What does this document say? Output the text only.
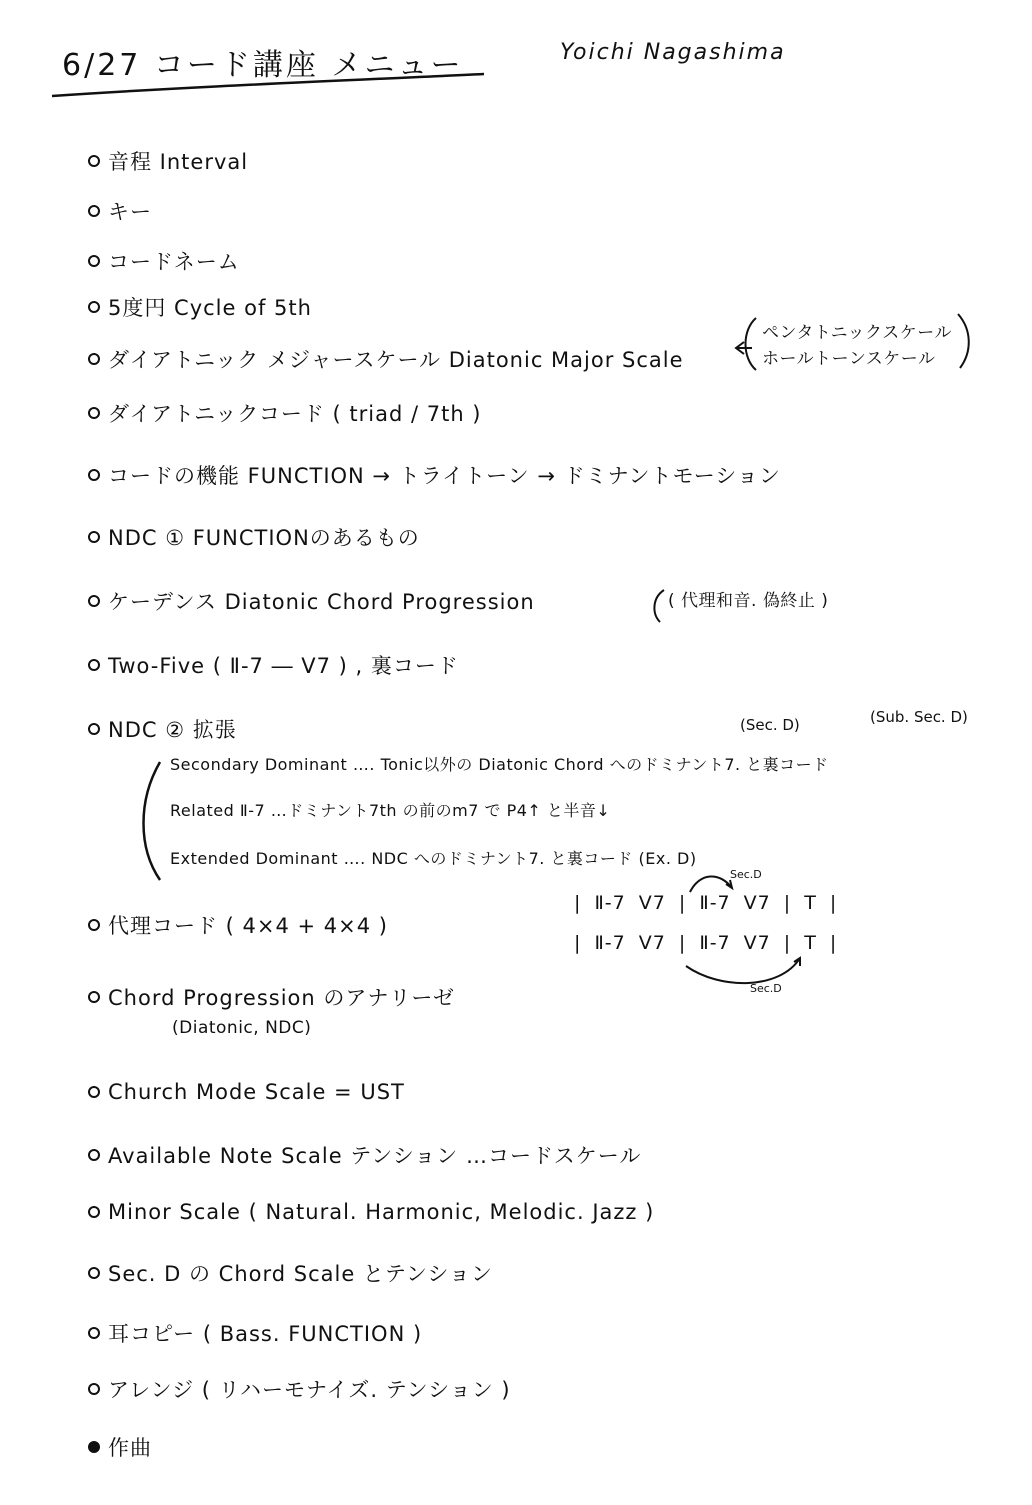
6/27 コード講座 メニュー	Yoichi Nagashima
音程 Interval
キー
コードネーム
5度円 Cycle of 5th
ダイアトニック メジャースケール Diatonic Major Scale
ペンタトニックスケール
ホールトーンスケール
ダイアトニックコード ( triad / 7th )
コードの機能 FUNCTION → トライトーン → ドミナントモーション
NDC ① FUNCTIONのあるもの
ケーデンス Diatonic Chord Progression	( 代理和音. 偽終止 )
Two-Five ( Ⅱ-7 ― Ⅴ7 ) , 裏コード
NDC ② 拡張	(Sec. D)	(Sub. Sec. D)
Secondary Dominant …. Tonic以外の Diatonic Chord へのドミナント7. と裏コード
Related Ⅱ-7 …ドミナント7th の前のm7 で P4↑ と半音↓
Extended Dominant …. NDC へのドミナント7. と裏コード (Ex. D)
代理コード ( 4×4 + 4×4 )
Sec.D
| Ⅱ-7 Ⅴ7 | Ⅱ-7 Ⅴ7 | T |
| Ⅱ-7 Ⅴ7 | Ⅱ-7 Ⅴ7 | T |
Sec.D
Chord Progression のアナリーゼ
(Diatonic, NDC)
Church Mode Scale = UST
Available Note Scale テンション …コードスケール
Minor Scale ( Natural. Harmonic, Melodic. Jazz )
Sec. D の Chord Scale とテンション
耳コピー ( Bass. FUNCTION )
アレンジ ( リハーモナイズ. テンション )
作曲
